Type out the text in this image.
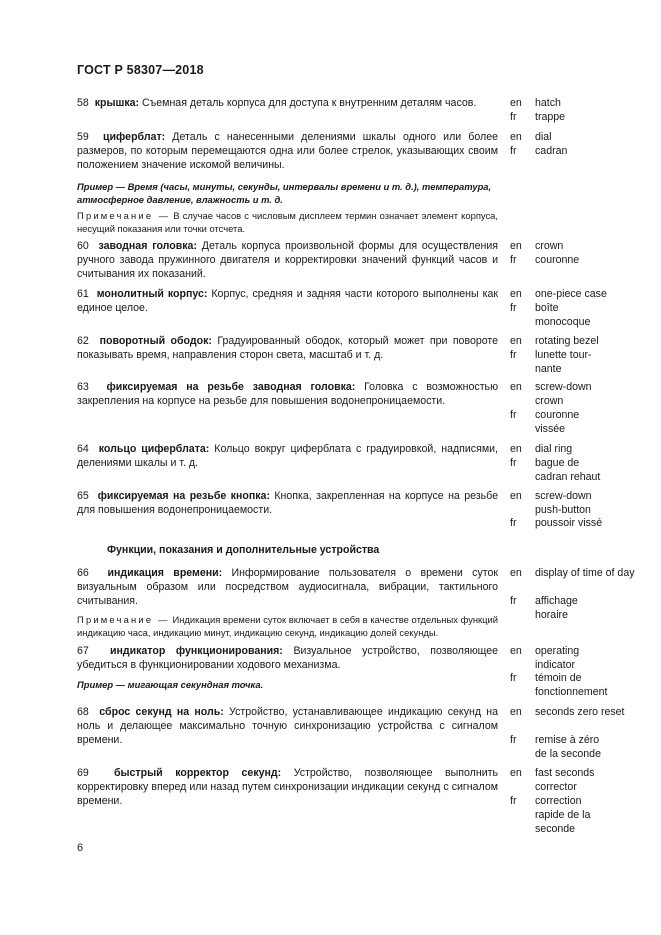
ГОСТ Р 58307—2018
58 крышка: Съемная деталь корпуса для доступа к внутренним деталям часов.	en hatch
fr trappe
59 циферблат: Деталь с нанесенными делениями шкалы одного или более размеров, по которым перемещаются одна или более стрелок, указывающих своим положением значение искомой величины.
Пример — Время (часы, минуты, секунды, интервалы времени и т. д.), температура, атмосферное давление, влажность и т. д.
Примечание — В случае часов с числовым дисплеем термин означает элемент корпуса, несущий показания или точки отсчета.
en dial
fr cadran
60 заводная головка: Деталь корпуса произвольной формы для осуществления ручного завода пружинного двигателя и корректировки значений функций часов и считывания их показаний.
en crown
fr couronne
61 монолитный корпус: Корпус, средняя и задняя части которого выполнены как единое целое.
en one-piece case
fr boîte monocoque
62 поворотный ободок: Градуированный ободок, который может при повороте показывать время, направления сторон света, масштаб и т. д.
en rotating bezel
fr lunette tour-nante
63 фиксируемая на резьбе заводная головка: Головка с возможностью закрепления на корпусе на резьбе для повышения водонепроницаемости.
en screw-down crown
fr couronne vissée
64 кольцо циферблата: Кольцо вокруг циферблата с градуировкой, надписями, делениями шкалы и т. д.
en dial ring
fr bague de cadran rehaut
65 фиксируемая на резьбе кнопка: Кнопка, закрепленная на корпусе на резьбе для повышения водонепроницаемости.
en screw-down push-button
fr poussoir vissé
Функции, показания и дополнительные устройства
66 индикация времени: Информирование пользователя о времени суток визуальным образом или посредством аудиосигнала, вибрации, тактильного считывания.
Примечание — Индикация времени суток включает в себя в качестве отдельных функций индикацию часа, индикацию минут, индикацию секунд, индикацию долей секунды.
en display of time of day
fr affichage horaire
67 индикатор функционирования: Визуальное устройство, позволяющее убедиться в функционировании ходового механизма.
Пример — мигающая секундная точка.
en operating indicator
fr témoin de fonctionnement
68 сброс секунд на ноль: Устройство, устанавливающее индикацию секунд на ноль и делающее максимально точную синхронизацию устройства с сигналом времени.
en seconds zero reset
fr remise à zéro de la seconde
69 быстрый корректор секунд: Устройство, позволяющее выполнить корректировку вперед или назад путем синхронизации индикации секунд с сигналом времени.
en fast seconds corrector
fr correction rapide de la seconde
6
